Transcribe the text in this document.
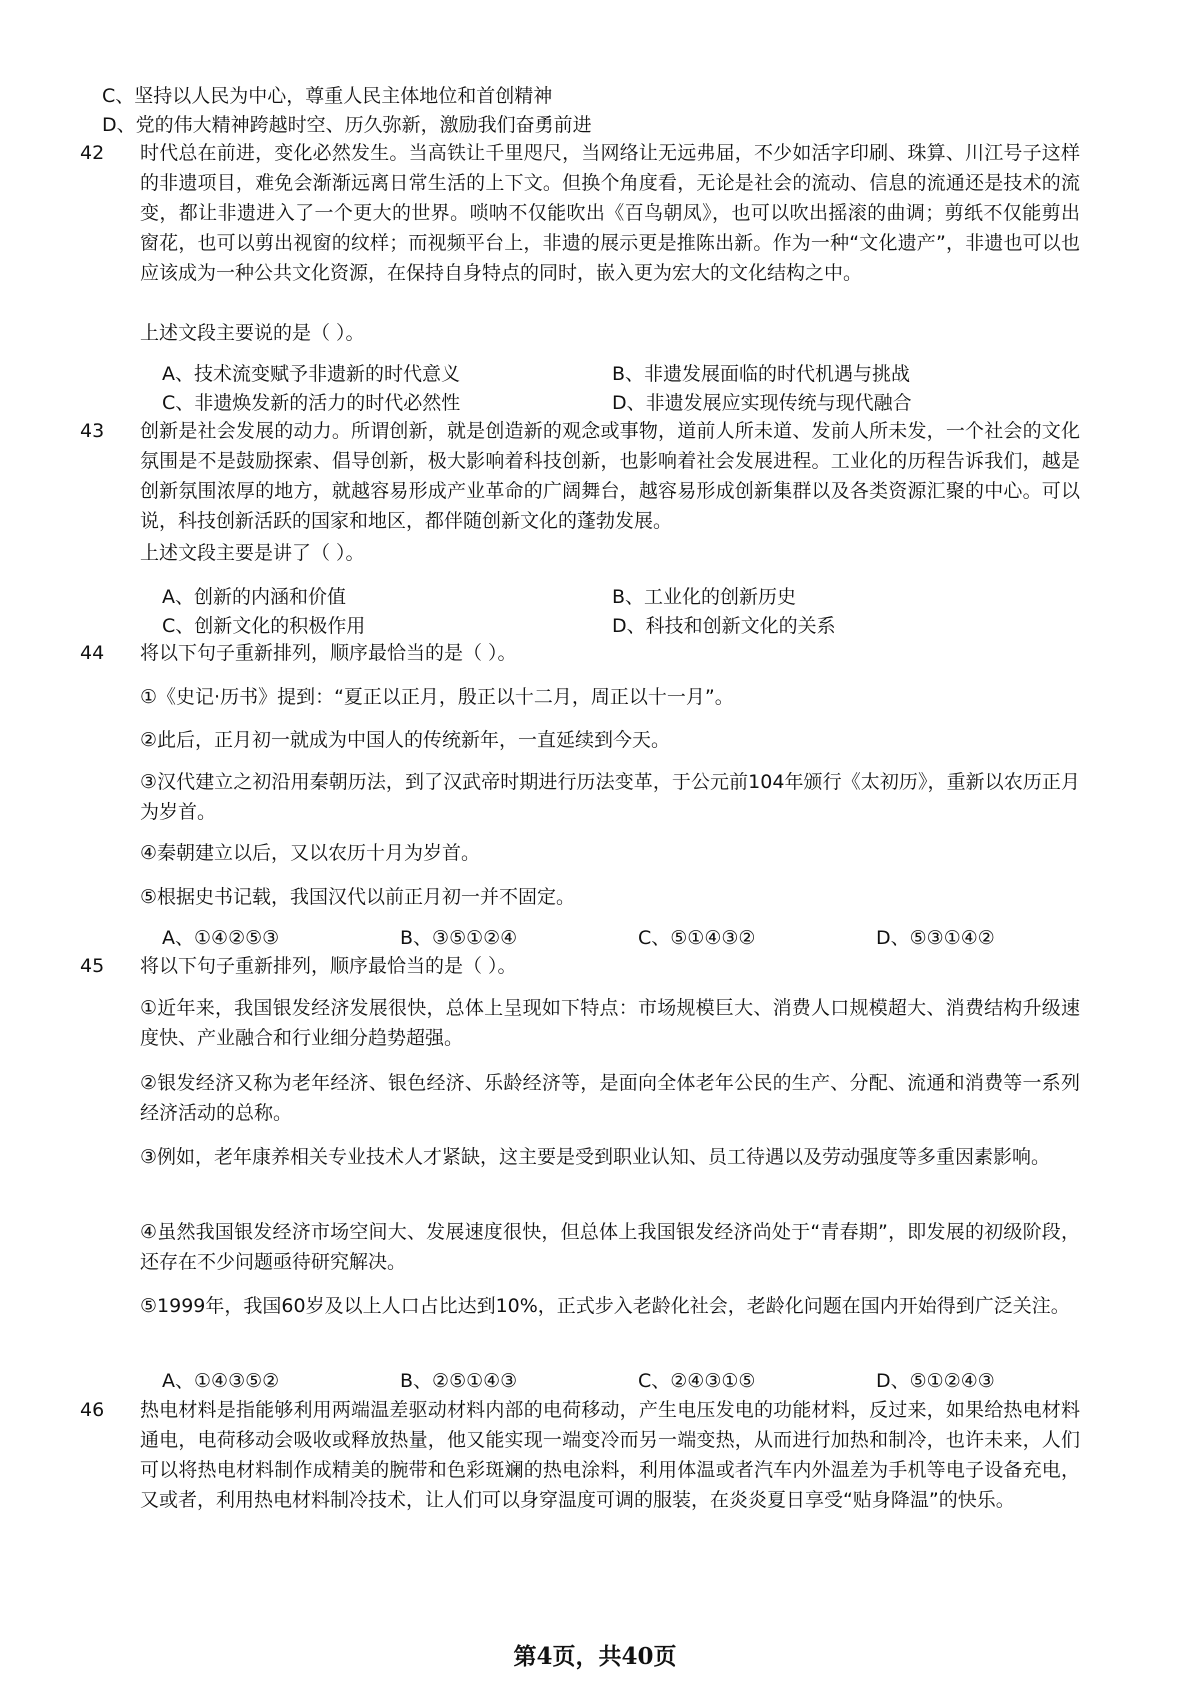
C、坚持以人民为中心，尊重人民主体地位和首创精神
D、党的伟大精神跨越时空、历久弥新，激励我们奋勇前进
42 时代总在前进，变化必然发生。当高铁让千里咫尺，当网络让无远弗届，不少如活字印刷、珠算、川江号子这样的非遗项目，难免会渐渐远离日常生活的上下文。但换个角度看，无论是社会的流动、信息的流通还是技术的流变，都让非遗进入了一个更大的世界。唢呐不仅能吹出《百鸟朝凤》，也可以吹出摇滚的曲调；剪纸不仅能剪出窗花，也可以剪出视窗的纹样；而视频平台上，非遗的展示更是推陈出新。作为一种“文化遗产”，非遗也可以也应该成为一种公共文化资源，在保持自身特点的同时，嵌入更为宏大的文化结构之中。
上述文段主要说的是（ ）。
A、技术流变赋予非遗新的时代意义	B、非遗发展面临的时代机遇与挑战
C、非遗焕发新的活力的时代必然性	D、非遗发展应实现传统与现代融合
43 创新是社会发展的动力。所谓创新，就是创造新的观念或事物，道前人所未道、发前人所未发，一个社会的文化氛围是不是鼓励探索、倡导创新，极大影响着科技创新，也影响着社会发展进程。工业化的历程告诉我们，越是创新氛围浓厚的地方，就越容易形成产业革命的广阔舞台，越容易形成创新集群以及各类资源汇聚的中心。可以说，科技创新活跃的国家和地区，都伴随创新文化的蓬勃发展。
上述文段主要是讲了（ ）。
A、创新的内涵和价值	B、工业化的创新历史
C、创新文化的积极作用	D、科技和创新文化的关系
44 将以下句子重新排列，顺序最恰当的是（ ）。
①《史记·历书》提到：“夏正以正月，殷正以十二月，周正以十一月”。
②此后，正月初一就成为中国人的传统新年，一直延续到今天。
③汉代建立之初沿用秦朝历法，到了汉武帝时期进行历法变革，于公元前104年颁行《太初历》，重新以农历正月为岁首。
④秦朝建立以后，又以农历十月为岁首。
⑤根据史书记载，我国汉代以前正月初一并不固定。
A、①④②⑤③	B、③⑤①②④	C、⑤①④③②	D、⑤③①④②
45 将以下句子重新排列，顺序最恰当的是（ ）。
①近年来，我国银发经济发展很快，总体上呈现如下特点：市场规模巨大、消费人口规模超大、消费结构升级速度快、产业融合和行业细分趋势超强。
②银发经济又称为老年经济、银色经济、乐龄经济等，是面向全体老年公民的生产、分配、流通和消费等一系列经济活动的总称。
③例如，老年康养相关专业技术人才紧缺，这主要是受到职业认知、员工待遇以及劳动强度等多重因素影响。
④虽然我国银发经济市场空间大、发展速度很快，但总体上我国银发经济尚处于“青春期”，即发展的初级阶段，还存在不少问题亟待研究解决。
⑤1999年，我国60岁及以上人口占比达到10%，正式步入老龄化社会，老龄化问题在国内开始得到广泛关注。
A、①④③⑤②	B、②⑤①④③	C、②④③①⑤	D、⑤①②④③
46 热电材料是指能够利用两端温差驱动材料内部的电荷移动，产生电压发电的功能材料，反过来，如果给热电材料通电，电荷移动会吸收或释放热量，他又能实现一端变冷而另一端变热，从而进行加热和制冷，也许未来，人们可以将热电材料制作成精美的腕带和色彩斑斓的热电涂料，利用体温或者汽车内外温差为手机等电子设备充电，又或者，利用热电材料制冷技术，让人们可以身穿温度可调的服装，在炎炎夏日享受“贴身降温”的快乐。
第4页，共40页
